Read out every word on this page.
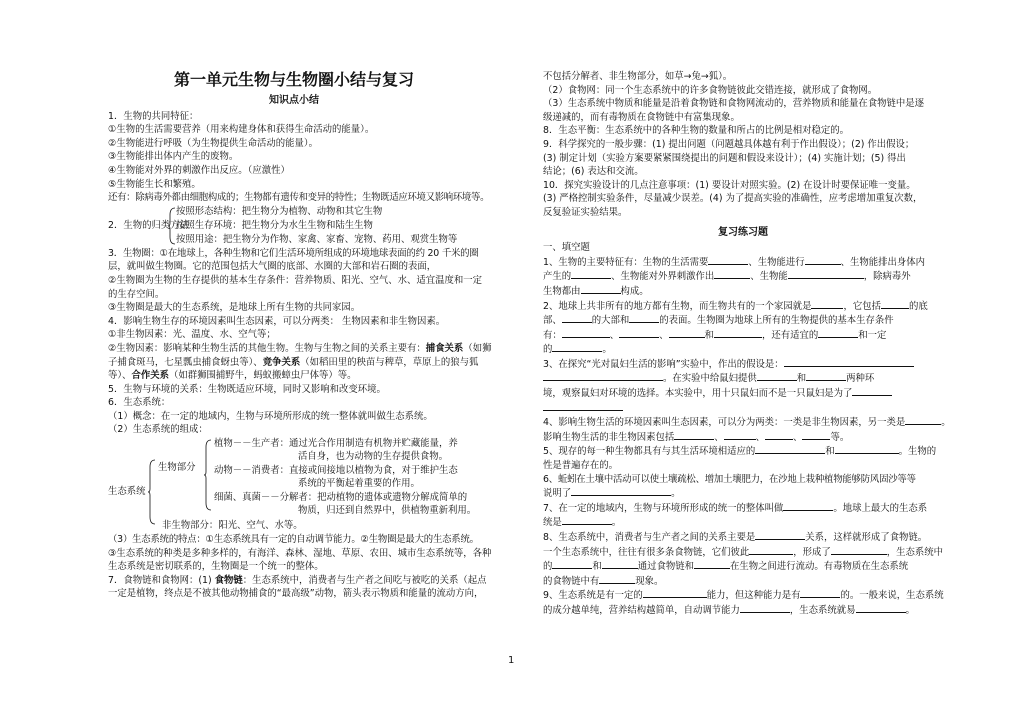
第一单元生物与生物圈小结与复习
知识点小结
1．生物的共同特征：
①生物的生活需要营养（用来构建身体和获得生命活动的能量）。
②生物能进行呼吸（为生物提供生命活动的能量）。
③生物能排出体内产生的废物。
④生物能对外界的刺激作出反应。（应激性）
⑤生物能生长和繁殖。
还有：除病毒外都由细胞构成的；生物都有遗传和变异的特性；生物既适应环境又影响环境等。
2．生物的归类方法
按照形态结构：把生物分为植物、动物和其它生物
按照生存环境：把生物分为水生生物和陆生生物
按照用途：把生物分为作物、家禽、家畜、宠物、药用、观赏生物等
3．生物圈：①在地球上，各种生物和它们生活环境所组成的环境地球表面的约 20 千米的圈
层，就叫做生物圈。它的范围包括大气圈的底部、水圈的大部和岩石圈的表面，
②生物圈为生物的生存提供的基本生存条件：营养物质、阳光、空气、水、适宜温度和一定
的生存空间。
③生物圈是最大的生态系统，是地球上所有生物的共同家园。
4．影响生物生存的环境因素叫生态因素，可以分两类： 生物因素和非生物因素。
①非生物因素：光、温度、水、空气等；
②生物因素：影响某种生物生活的其他生物。生物与生物之间的关系主要有：捕食关系（如狮
子捕食斑马，七星瓢虫捕食蚜虫等）、竞争关系（如稻田里的秧苗与稗草，草原上的狼与狐
等）、合作关系（如群狮围捕野牛，蚂蚁搬蟑虫尸体等）等。
5．生物与环境的关系：生物既适应环境，同时又影响和改变环境。
6．生态系统：
（1）概念：在一定的地域内，生物与环境所形成的统一整体就叫做生态系统。
（2）生态系统的组成：
生态系统
生物部分
植物－－生产者：通过光合作用制造有机物并贮藏能量，养
活自身，也为动物的生存提供食物。
动物－－消费者：直接或间接地以植物为食，对于维护生态
系统的平衡起着重要的作用。
细菌、真菌－－分解者：把动植物的遗体或遗物分解成简单的
物质，归还到自然界中，供植物重新利用。
非生物部分：阳光、空气、水等。
（3）生态系统的特点：①生态系统具有一定的自动调节能力。②生物圈是最大的生态系统。
③生态系统的种类是多种多样的，有海洋、森林、湿地、草原、农田、城市生态系统等，各种
生态系统是密切联系的，生物圈是一个统一的整体。
7．食物链和食物网：(1) 食物链：生态系统中，消费者与生产者之间吃与被吃的关系（起点
一定是植物，终点是不被其他动物捕食的“最高级”动物，箭头表示物质和能量的流动方向，
不包括分解者、非生物部分，如草→兔→狐）。
（2）食物网：同一个生态系统中的许多食物链彼此交错连接，就形成了食物网。
（3）生态系统中物质和能量是沿着食物链和食物网流动的，营养物质和能量在食物链中是逐
级递减的，而有毒物质在食物链中有富集现象。
8．生态平衡：生态系统中的各种生物的数量和所占的比例是相对稳定的。
9．科学探究的一般步骤：(1) 提出问题（问题越具体越有利于作出假设）；(2) 作出假设；
(3) 制定计划（实验方案要紧紧围绕提出的问题和假设来设计）；(4) 实施计划；(5) 得出
结论；(6) 表达和交流。
10．探究实验设计的几点注意事项：(1) 要设计对照实验。(2) 在设计时要保证唯一变量。
(3) 严格控制实验条件，尽量减少误差。(4) 为了提高实验的准确性，应考虑增加重复次数，
反复验证实验结果。
复习练习题
一、填空题
1、生物的主要特征有：生物的生活需要	、生物能进行	、生物能排出身体内
产生的	、生物能对外界刺激作出	、生物能	，除病毒外
生物都由	构成。
2、地球上共非所有的地方都有生物，而生物共有的一个家园就是	，它包括	的底
部、	的大部和	的表面。生物圈为地球上所有的生物提供的基本生存条件
有：	、	、	和	，还有适宜的	和一定
的	。
3、在探究“光对鼠妇生活的影响”实验中，作出的假设是：
。在实验中给鼠妇提供	和	两种环
境，观察鼠妇对环境的选择。本实验中，用十只鼠妇而不是一只鼠妇是为了
4、影响生物生活的环境因素叫生态因素，可以分为两类：一类是非生物因素，另一类是	。
影响生物生活的非生物因素包括	、	、	、	等。
5、现存的每一种生物都具有与其生活环境相适应的	和	。生物的
性是普遍存在的。
6、蚯蚓在土壤中活动可以使土壤疏松、增加土壤肥力，在沙地上栽种植物能够防风固沙等等
说明了	。
7、在一定的地域内，生物与环境所形成的统一的整体叫做	。地球上最大的生态系
统是	。
8、生态系统中，消费者与生产者之间的关系主要是	关系，这样就形成了食物链。
一个生态系统中，往往有很多条食物链，它们彼此	，形成了	，生态系统中
的	和	通过食物链和	在生物之间进行流动。有毒物质在生态系统
的食物链中有	现象。
9、生态系统是有一定的	能力，但这种能力是有	的。一般来说，生态系统
的成分越单纯，营养结构越简单，自动调节能力	，生态系统就易	。
1
